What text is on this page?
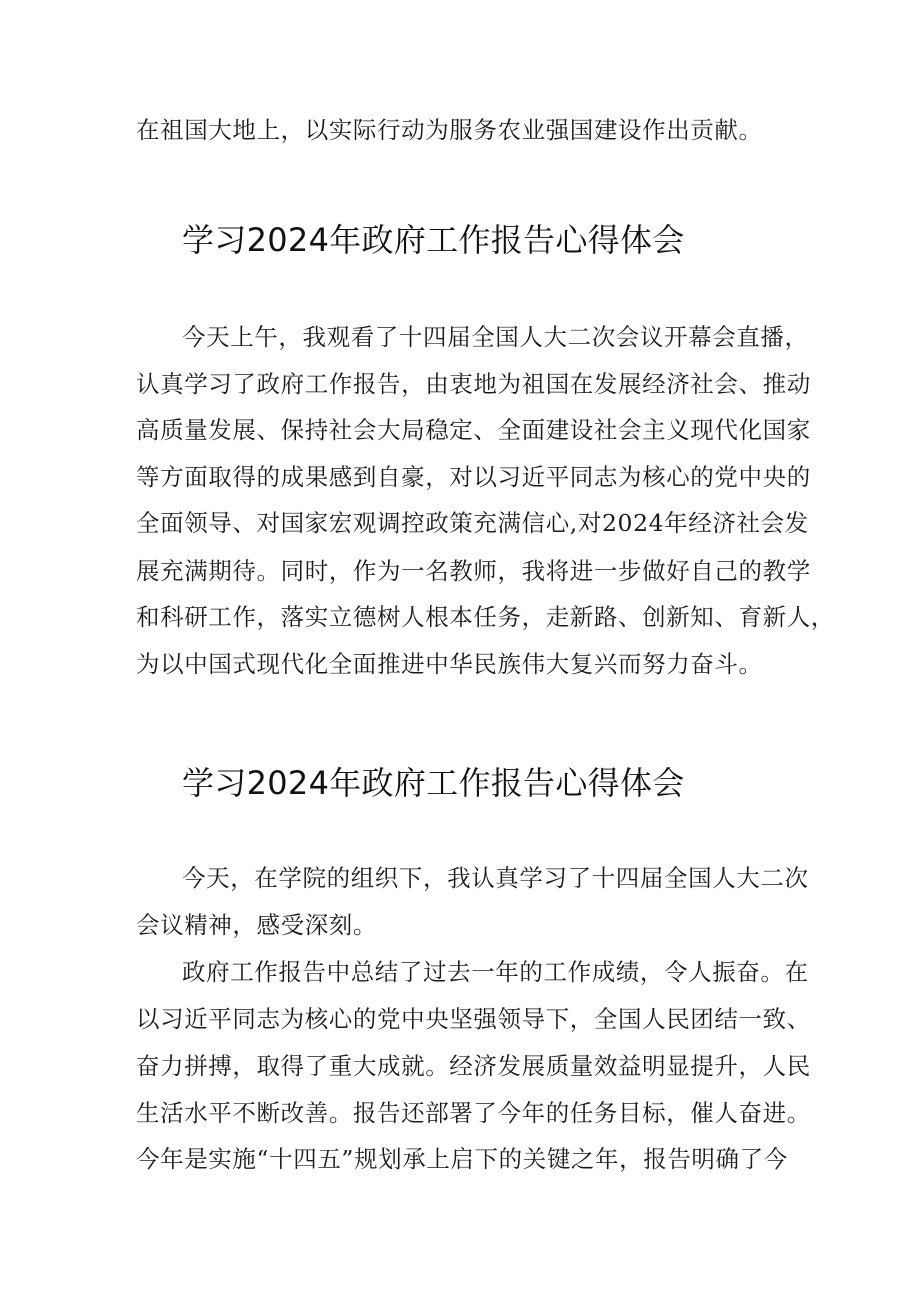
在祖国大地上，以实际行动为服务农业强国建设作出贡献。
学习2024年政府工作报告心得体会
今天上午，我观看了十四届全国人大二次会议开幕会直播，
认真学习了政府工作报告，由衷地为祖国在发展经济社会、推动
高质量发展、保持社会大局稳定、全面建设社会主义现代化国家
等方面取得的成果感到自豪，对以习近平同志为核心的党中央的
全面领导、对国家宏观调控政策充满信心,对2024年经济社会发
展充满期待。同时，作为一名教师，我将进一步做好自己的教学
和科研工作，落实立德树人根本任务，走新路、创新知、育新人，
为以中国式现代化全面推进中华民族伟大复兴而努力奋斗。
学习2024年政府工作报告心得体会
今天，在学院的组织下，我认真学习了十四届全国人大二次
会议精神，感受深刻。
政府工作报告中总结了过去一年的工作成绩，令人振奋。在
以习近平同志为核心的党中央坚强领导下，全国人民团结一致、
奋力拼搏，取得了重大成就。经济发展质量效益明显提升，人民
生活水平不断改善。报告还部署了今年的任务目标，催人奋进。
今年是实施“十四五”规划承上启下的关键之年，报告明确了今
